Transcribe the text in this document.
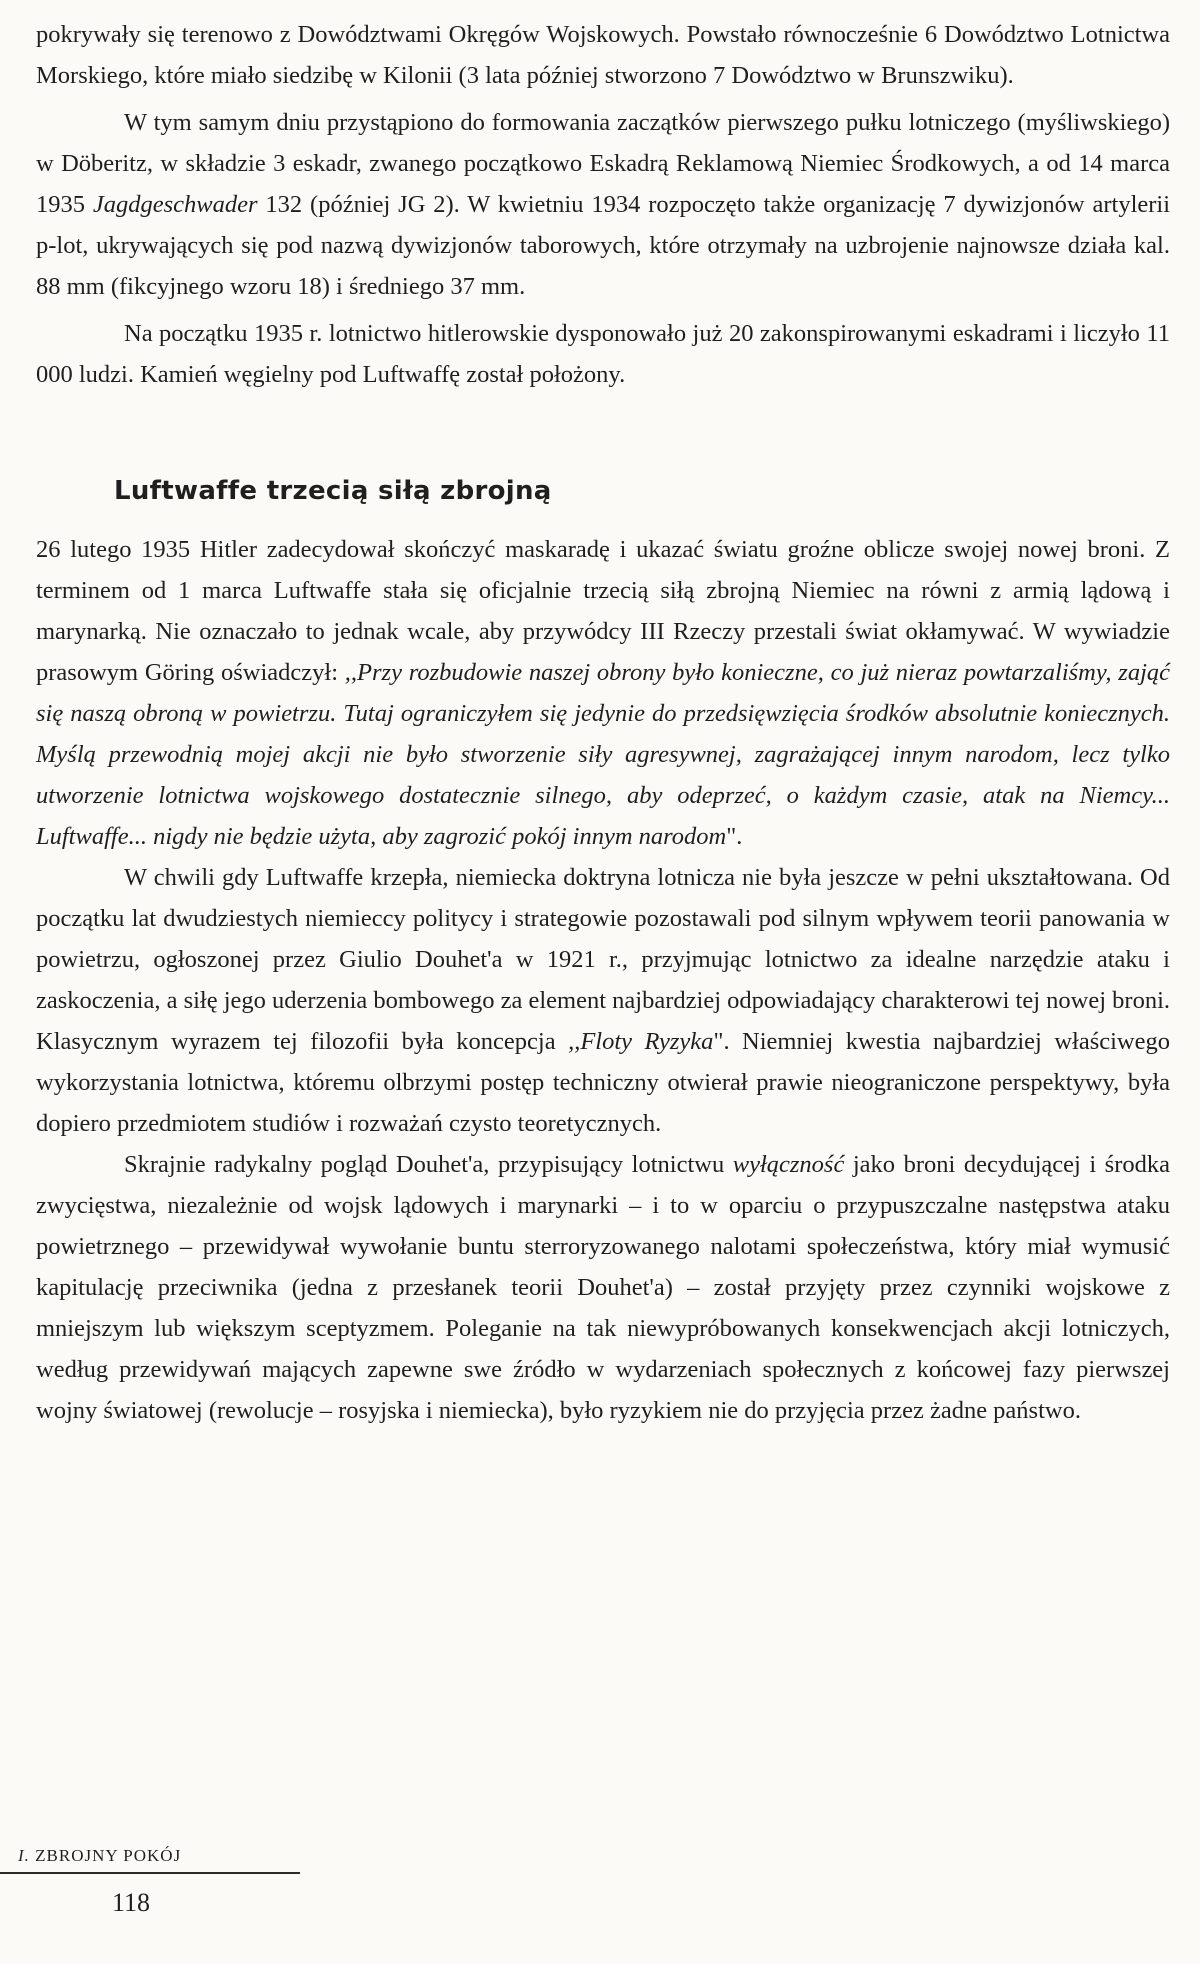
pokrywały się terenowo z Dowództwami Okręgów Wojskowych. Powstało równocześnie 6 Dowództwo Lotnictwa Morskiego, które miało siedzibę w Kilonii (3 lata później stworzono 7 Dowództwo w Brunszwiku).

W tym samym dniu przystąpiono do formowania zaczątków pierwszego pułku lotniczego (myśliwskiego) w Döberitz, w składzie 3 eskadr, zwanego początkowo Eskadrą Reklamową Niemiec Środkowych, a od 14 marca 1935 Jagdgeschwader 132 (później JG 2). W kwietniu 1934 rozpoczęto także organizację 7 dywizjonów artylerii p-lot, ukrywających się pod nazwą dywizjonów taborowych, które otrzymały na uzbrojenie najnowsze działa kal. 88 mm (fikcyjnego wzoru 18) i średniego 37 mm.

Na początku 1935 r. lotnictwo hitlerowskie dysponowało już 20 zakonspirowanymi eskadrami i liczyło 11 000 ludzi. Kamień węgielny pod Luftwaffę został położony.

Luftwaffe trzecią siłą zbrojną

26 lutego 1935 Hitler zadecydował skończyć maskaradę i ukazać światu groźne oblicze swojej nowej broni. Z terminem od 1 marca Luftwaffe stała się oficjalnie trzecią siłą zbrojną Niemiec na równi z armią lądową i marynarką. Nie oznaczało to jednak wcale, aby przywódcy III Rzeczy przestali świat okłamywać. W wywiadzie prasowym Göring oświadczył: ,,Przy rozbudowie naszej obrony było konieczne, co już nieraz powtarzaliśmy, zająć się naszą obroną w powietrzu. Tutaj ograniczyłem się jedynie do przedsięwzięcia środków absolutnie koniecznych. Myślą przewodnią mojej akcji nie było stworzenie siły agresywnej, zagrażającej innym narodom, lecz tylko utworzenie lotnictwa wojskowego dostatecznie silnego, aby odeprzeć, o każdym czasie, atak na Niemcy... Luftwaffe... nigdy nie będzie użyta, aby zagrozić pokój innym narodom".

W chwili gdy Luftwaffe krzepła, niemiecka doktryna lotnicza nie była jeszcze w pełni ukształtowana. Od początku lat dwudziestych niemieccy politycy i strategowie pozostawali pod silnym wpływem teorii panowania w powietrzu, ogłoszonej przez Giulio Douhet'a w 1921 r., przyjmując lotnictwo za idealne narzędzie ataku i zaskoczenia, a siłę jego uderzenia bombowego za element najbardziej odpowiadający charakterowi tej nowej broni. Klasycznym wyrazem tej filozofii była koncepcja ,,Floty Ryzyka". Niemniej kwestia najbardziej właściwego wykorzystania lotnictwa, któremu olbrzymi postęp techniczny otwierał prawie nieograniczone perspektywy, była dopiero przedmiotem studiów i rozważań czysto teoretycznych.

Skrajnie radykalny pogląd Douhet'a, przypisujący lotnictwu wyłączność jako broni decydującej i środka zwycięstwa, niezależnie od wojsk lądowych i marynarki – i to w oparciu o przypuszczalne następstwa ataku powietrznego – przewidywał wywołanie buntu sterroryzowanego nalotami społeczeństwa, który miał wymusić kapitulację przeciwnika (jedna z przesłanek teorii Douhet'a) – został przyjęty przez czynniki wojskowe z mniejszym lub większym sceptyzmem. Poleganie na tak niewypróbowanych konsekwencjach akcji lotniczych, według przewidywań mających zapewne swe źródło w wydarzeniach społecznych z końcowej fazy pierwszej wojny światowej (rewolucje – rosyjska i niemiecka), było ryzykiem nie do przyjęcia przez żadne państwo.

I. ZBROJNY POKÓJ
118
